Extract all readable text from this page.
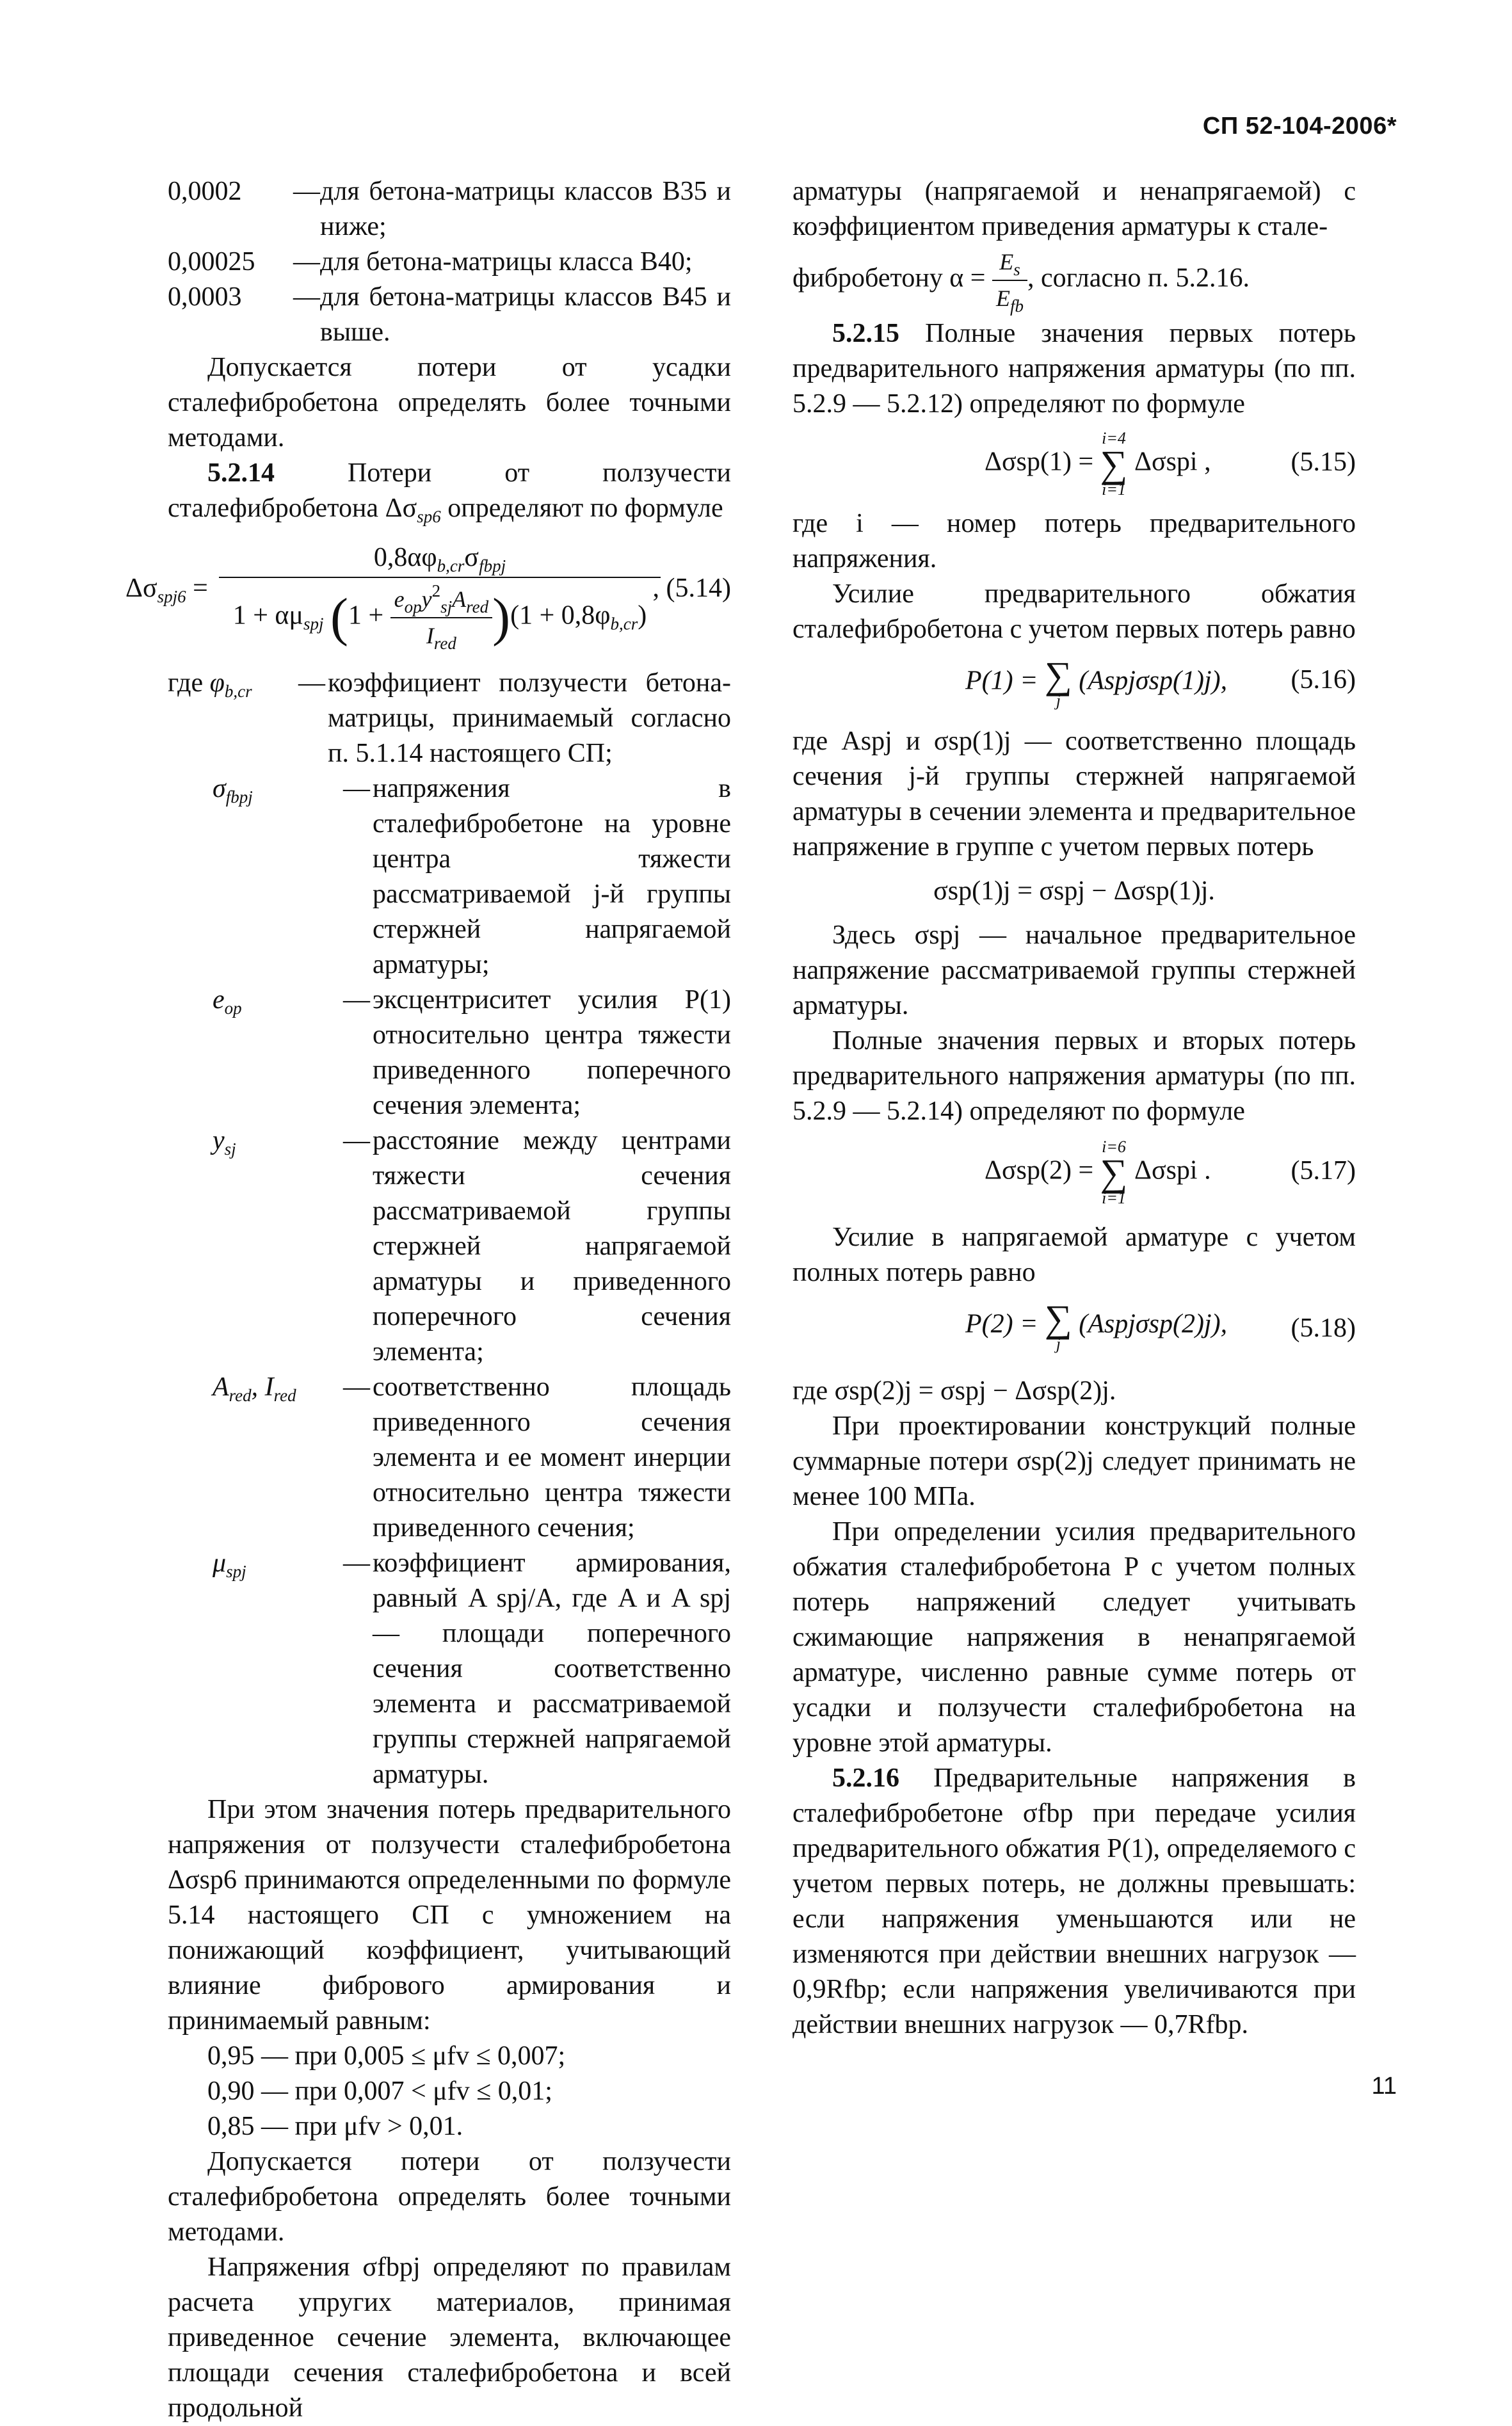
СП 52-104-2006*
0,0002	— для бетона-матрицы классов В35 и ниже;
0,00025	— для бетона-матрицы класса В40;
0,0003	— для бетона-матрицы классов В45 и выше.

Допускается потери от усадки сталефибробетона определять более точными методами.

5.2.14	Потери от ползучести сталефибробетона $\Delta\sigma_{sp6}$ определяют по формуле

$\Delta\sigma_{spj6}$ =
$0,8\alpha\varphi_{b,cr}\sigma_{fbpj}$
$1 + \alpha\mu_{spj}$ $(1 + \frac{e_{op}y^2_{sj}A_{red}}{I_{red}} )(1 + 0,8\varphi_{b,cr})$
, (5.14)
где $\varphi_{b,cr}$	— коэффициент ползучести бетона-матрицы, принимаемый согласно п. 5.1.14 настоящего СП;
$\sigma_{fbpj}$	— напряжения в сталефибробетоне на уровне центра тяжести рассматриваемой j-й группы стержней напрягаемой арматуры;
$e_{op}$	— эксцентриситет усилия P(1) относительно центра тяжести приведенного поперечного сечения элемента;
$y_{sj}$	— расстояние между центрами тяжести сечения рассматриваемой группы стержней напрягаемой арматуры и приведенного поперечного сечения элемента;
$A_{red}$, $I_{red}$	— соответственно площадь приведенного сечения элемента и ее момент инерции относительно центра тяжести приведенного сечения;
$\mu_{spj}$	— коэффициент армирования, равный A spj/A, где A и A spj — площади поперечного сечения соответственно элемента и рассматриваемой группы стержней напрягаемой арматуры.

При этом значения потерь предварительного напряжения от ползучести сталефибробетона Δσsp6 принимаются определенными по формуле 5.14 настоящего СП с умножением на понижающий коэффициент, учитывающий влияние фибрового армирования и принимаемый равным:

0,95 — при 0,005 ≤ μfv ≤ 0,007;

0,90 — при 0,007 < μfv ≤ 0,01;

0,85 — при μfv > 0,01.

Допускается потери от ползучести сталефибробетона определять более точными методами.

Напряжения σfbpj определяют по правилам расчета упругих материалов, принимая приведенное сечение элемента, включающее площади сечения сталефибробетона и всей продольной

арматуры (напрягаемой и ненапрягаемой) с коэффициентом приведения арматуры к стале-
фибробетону $\alpha = \frac{E_s}{E_{fb}}$ , согласно п. 5.2.16.

5.2.15 Полные значения первых потерь предварительного напряжения арматуры (по пп. 5.2.9 — 5.2.12) определяют по формуле

Δσsp(1) =
i=4
∑
i=1
Δσspi ,	(5.15)

где i — номер потерь предварительного напряжения.

Усилие предварительного обжатия сталефибробетона с учетом первых потерь равно

P(1) = ∑
j
(Aspjσsp(1)j), (5.16)

где Aspj и σsp(1)j — соответственно площадь сечения j-й группы стержней напрягаемой арматуры в сечении элемента и предварительное напряжение в группе с учетом первых потерь

σsp(1)j = σspj − Δσsp(1)j.

Здесь σspj — начальное предварительное напряжение рассматриваемой группы стержней арматуры.

Полные значения первых и вторых потерь предварительного напряжения арматуры (по пп. 5.2.9 — 5.2.14) определяют по формуле

Δσsp(2) =
i=6
∑
i=1
Δσspi .	(5.17)

Усилие в напрягаемой арматуре с учетом полных потерь равно

P(2) = ∑
j
(Aspjσsp(2)j), (5.18)

где σsp(2)j = σspj − Δσsp(2)j.

При проектировании конструкций полные суммарные потери σsp(2)j следует принимать не менее 100 МПа.

При определении усилия предварительного обжатия сталефибробетона P с учетом полных потерь напряжений следует учитывать сжимающие напряжения в ненапрягаемой арматуре, численно равные сумме потерь от усадки и ползучести сталефибробетона на уровне этой арматуры.

5.2.16 Предварительные напряжения в сталефибробетоне σfbp при передаче усилия предварительного обжатия P(1), определяемого с учетом первых потерь, не должны превышать: если напряжения уменьшаются или не изменяются при действии внешних нагрузок — 0,9Rfbp; если напряжения увеличиваются при действии внешних нагрузок — 0,7Rfbp.

11
